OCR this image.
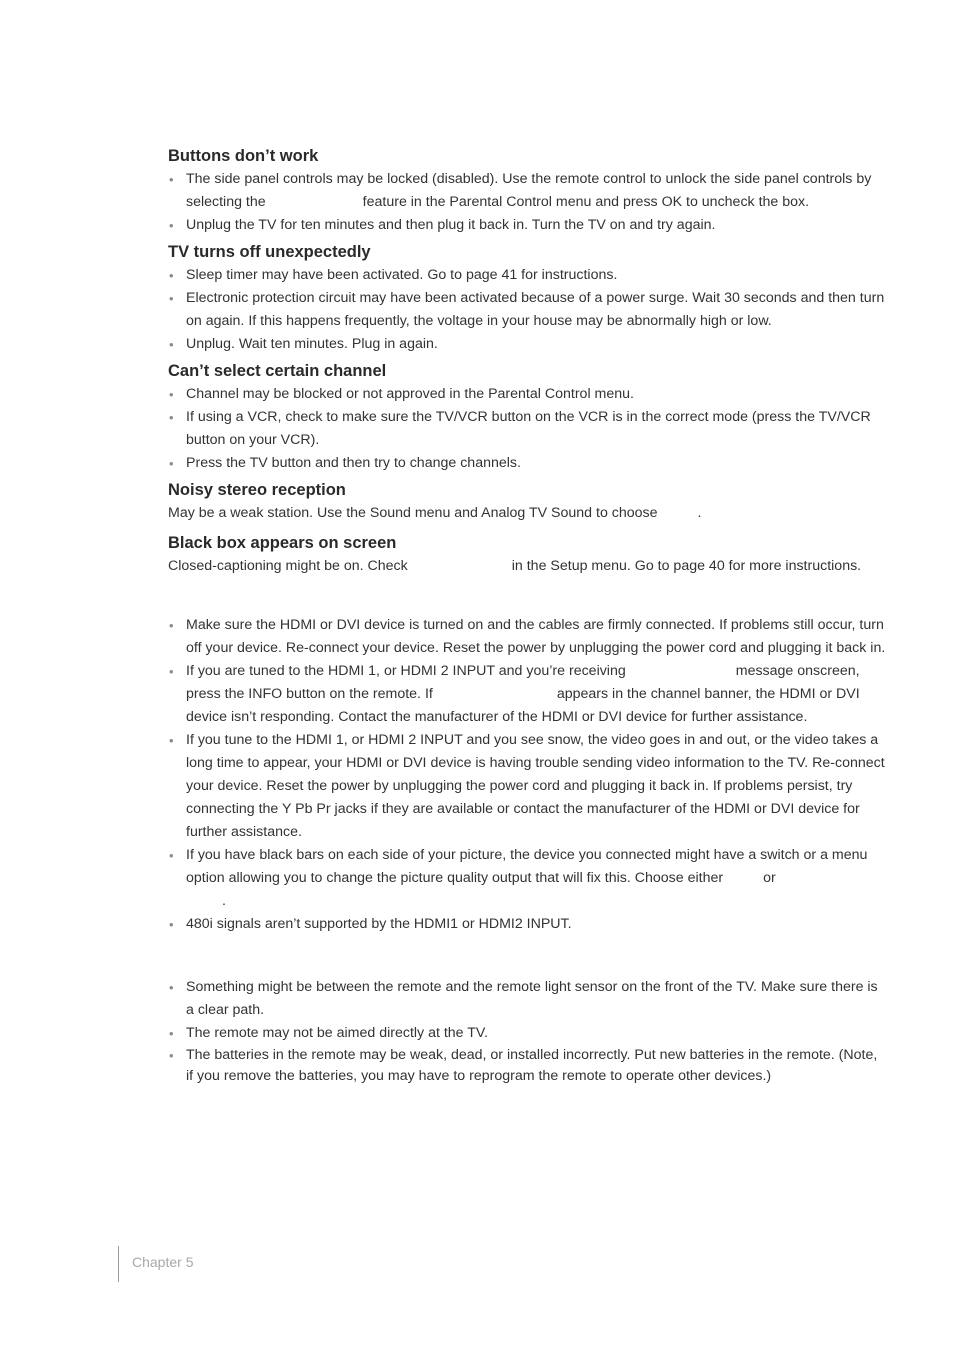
Buttons don’t work
• The side panel controls may be locked (disabled). Use the remote control to unlock the side panel controls by selecting the	feature in the Parental Control menu and press OK to uncheck the box.
• Unplug the TV for ten minutes and then plug it back in. Turn the TV on and try again.
TV turns off unexpectedly
• Sleep timer may have been activated. Go to page 41 for instructions.
• Electronic protection circuit may have been activated because of a power surge. Wait 30 seconds and then turn on again. If this happens frequently, the voltage in your house may be abnormally high or low.
• Unplug. Wait ten minutes. Plug in again.
Can’t select certain channel
• Channel may be blocked or not approved in the Parental Control menu.
• If using a VCR, check to make sure the TV/VCR button on the VCR is in the correct mode (press the TV/VCR button on your VCR).
• Press the TV button and then try to change channels.
Noisy stereo reception

May be a weak station. Use the Sound menu and Analog TV Sound to choose	.

Black box appears on screen

Closed-captioning might be on. Check	in the Setup menu. Go to page 40 for more instructions.

• Make sure the HDMI or DVI device is turned on and the cables are firmly connected. If problems still occur, turn off your device. Re-connect your device. Reset the power by unplugging the power cord and plugging it back in.
• If you are tuned to the HDMI 1, or HDMI 2 INPUT and you’re receiving	message onscreen, press the INFO button on the remote. If	appears in the channel banner, the HDMI or DVI device isn’t responding. Contact the manufacturer of the HDMI or DVI device for further assistance.
• If you tune to the HDMI 1, or HDMI 2 INPUT and you see snow, the video goes in and out, or the video takes a long time to appear, your HDMI or DVI device is having trouble sending video information to the TV. Re-connect your device. Reset the power by unplugging the power cord and plugging it back in. If problems persist, try connecting the Y Pb Pr jacks if they are available or contact the manufacturer of the HDMI or DVI device for further assistance.
• If you have black bars on each side of your picture, the device you connected might have a switch or a menu option allowing you to change the picture quality output that will fix this. Choose either	or
.
• 480i signals aren’t supported by the HDMI1 or HDMI2 INPUT.
• Something might be between the remote and the remote light sensor on the front of the TV. Make sure there is a clear path.
• The remote may not be aimed directly at the TV.
• The batteries in the remote may be weak, dead, or installed incorrectly. Put new batteries in the remote. (Note, if you remove the batteries, you may have to reprogram the remote to operate other devices.)
Chapter 5
